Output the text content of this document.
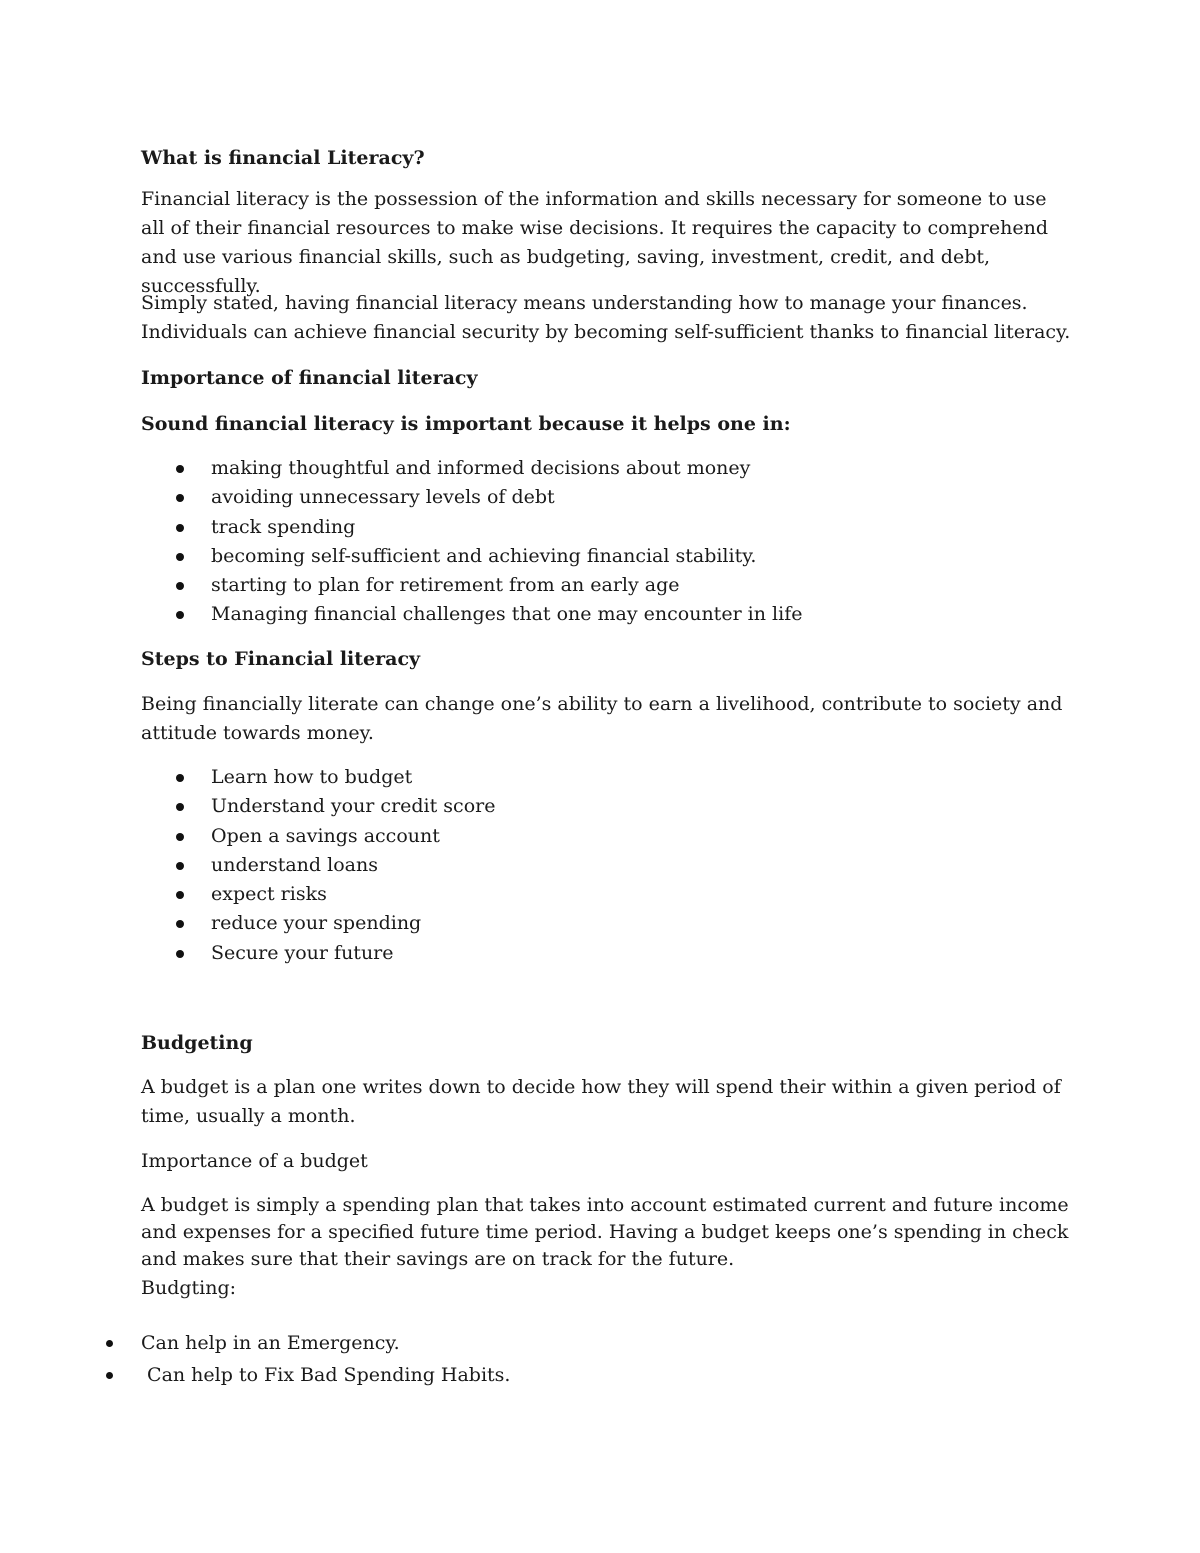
What is financial Literacy?

Financial literacy is the possession of the information and skills necessary for someone to use all of their financial resources to make wise decisions. It requires the capacity to comprehend and use various financial skills, such as budgeting, saving, investment, credit, and debt, successfully.

Simply stated, having financial literacy means understanding how to manage your finances. Individuals can achieve financial security by becoming self-sufficient thanks to financial literacy.

Importance of financial literacy

Sound financial literacy is important because it helps one in:

making thoughtful and informed decisions about money
avoiding unnecessary levels of debt
track spending
becoming self-sufficient and achieving financial stability.
starting to plan for retirement from an early age
Managing financial challenges that one may encounter in life

Steps to Financial literacy

Being financially literate can change one’s ability to earn a livelihood, contribute to society and attitude towards money.

Learn how to budget
Understand your credit score
Open a savings account
understand loans
expect risks
reduce your spending
Secure your future

Budgeting

A budget is a plan one writes down to decide how they will spend their within a given period of time, usually a month.

Importance of a budget

A budget is simply a spending plan that takes into account estimated current and future income and expenses for a specified future time period. Having a budget keeps one’s spending in check and makes sure that their savings are on track for the future.

Budgting:

Can help in an Emergency.
Can help to Fix Bad Spending Habits.
